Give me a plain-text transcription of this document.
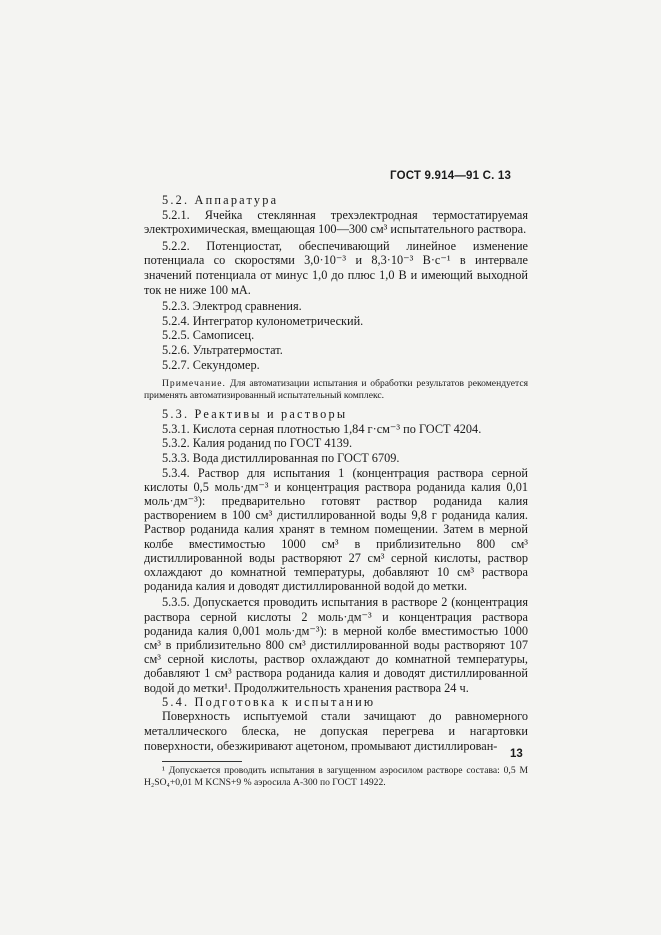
ГОСТ 9.914—91 С. 13

5.2. Аппаратура

5.2.1. Ячейка стеклянная трехэлектродная термостатируемая электрохимическая, вмещающая 100—300 см³ испытательного раствора.

5.2.2. Потенциостат, обеспечивающий линейное изменение потенциала со скоростями 3,0·10⁻³ и 8,3·10⁻³ В·с⁻¹ в интервале значений потенциала от минус 1,0 до плюс 1,0 В и имеющий выходной ток не ниже 100 мА.

5.2.3. Электрод сравнения.

5.2.4. Интегратор кулонометрический.

5.2.5. Самописец.

5.2.6. Ультратермостат.

5.2.7. Секундомер.

Примечание. Для автоматизации испытания и обработки результатов рекомендуется применять автоматизированный испытательный комплекс.

5.3. Реактивы и растворы

5.3.1. Кислота серная плотностью 1,84 г·см⁻³ по ГОСТ 4204.

5.3.2. Калия роданид по ГОСТ 4139.

5.3.3. Вода дистиллированная по ГОСТ 6709.

5.3.4. Раствор для испытания 1 (концентрация раствора серной кислоты 0,5 моль·дм⁻³ и концентрация раствора роданида калия 0,01 моль·дм⁻³): предварительно готовят раствор роданида калия растворением в 100 см³ дистиллированной воды 9,8 г роданида калия. Раствор роданида калия хранят в темном помещении. Затем в мерной колбе вместимостью 1000 см³ в приблизительно 800 см³ дистиллированной воды растворяют 27 см³ серной кислоты, раствор охлаждают до комнатной температуры, добавляют 10 см³ раствора роданида калия и доводят дистиллированной водой до метки.

5.3.5. Допускается проводить испытания в растворе 2 (концентрация раствора серной кислоты 2 моль·дм⁻³ и концентрация раствора роданида калия 0,001 моль·дм⁻³): в мерной колбе вместимостью 1000 см³ в приблизительно 800 см³ дистиллированной воды растворяют 107 см³ серной кислоты, раствор охлаждают до комнатной температуры, добавляют 1 см³ раствора роданида калия и доводят дистиллированной водой до метки¹. Продолжительность хранения раствора 24 ч.

5.4. Подготовка к испытанию

Поверхность испытуемой стали зачищают до равномерного металлического блеска, не допуская перегрева и нагартовки поверхности, обезжиривают ацетоном, промывают дистиллирован-

¹ Допускается проводить испытания в загущенном аэросилом растворе состава: 0,5 M H₂SO₄+0,01 M KCNS+9 % аэросила А-300 по ГОСТ 14922.

13
